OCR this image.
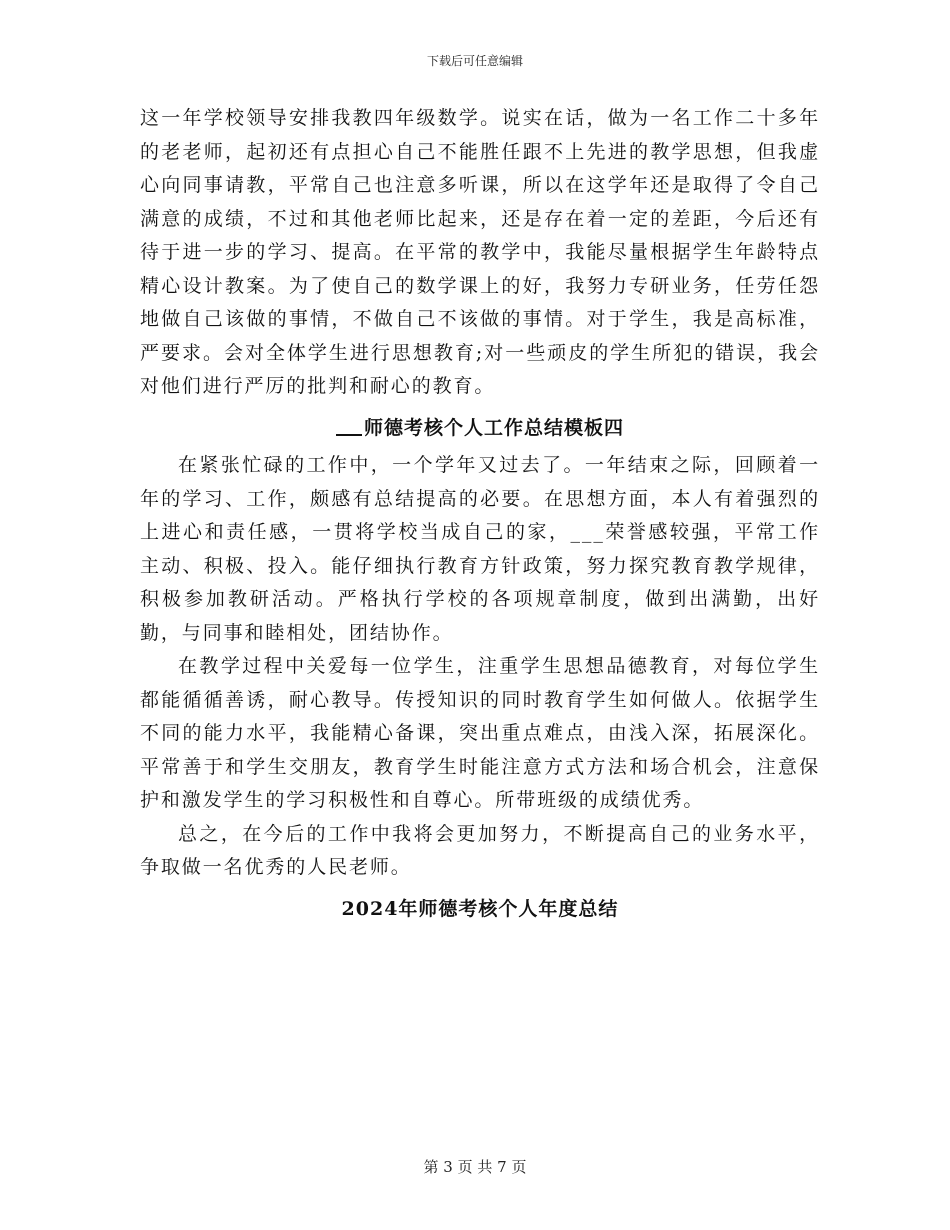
下载后可任意编辑

这一年学校领导安排我教四年级数学。说实在话，做为一名工作二十多年的老老师，起初还有点担心自己不能胜任跟不上先进的教学思想，但我虚心向同事请教，平常自己也注意多听课，所以在这学年还是取得了令自己满意的成绩，不过和其他老师比起来，还是存在着一定的差距，今后还有待于进一步的学习、提高。在平常的教学中，我能尽量根据学生年龄特点精心设计教案。为了使自己的数学课上的好，我努力专研业务，任劳任怨地做自己该做的事情，不做自己不该做的事情。对于学生，我是高标准，严要求。会对全体学生进行思想教育;对一些顽皮的学生所犯的错误，我会对他们进行严厉的批判和耐心的教育。

师德考核个人工作总结模板四

在紧张忙碌的工作中，一个学年又过去了。一年结束之际，回顾着一年的学习、工作，颇感有总结提高的必要。在思想方面，本人有着强烈的上进心和责任感，一贯将学校当成自己的家，___荣誉感较强，平常工作主动、积极、投入。能仔细执行教育方针政策，努力探究教育教学规律，积极参加教研活动。严格执行学校的各项规章制度，做到出满勤，出好勤，与同事和睦相处，团结协作。

在教学过程中关爱每一位学生，注重学生思想品德教育，对每位学生都能循循善诱，耐心教导。传授知识的同时教育学生如何做人。依据学生不同的能力水平，我能精心备课，突出重点难点，由浅入深，拓展深化。平常善于和学生交朋友，教育学生时能注意方式方法和场合机会，注意保护和激发学生的学习积极性和自尊心。所带班级的成绩优秀。

总之，在今后的工作中我将会更加努力，不断提高自己的业务水平，争取做一名优秀的人民老师。

2024年师德考核个人年度总结

第 3 页 共 7 页
